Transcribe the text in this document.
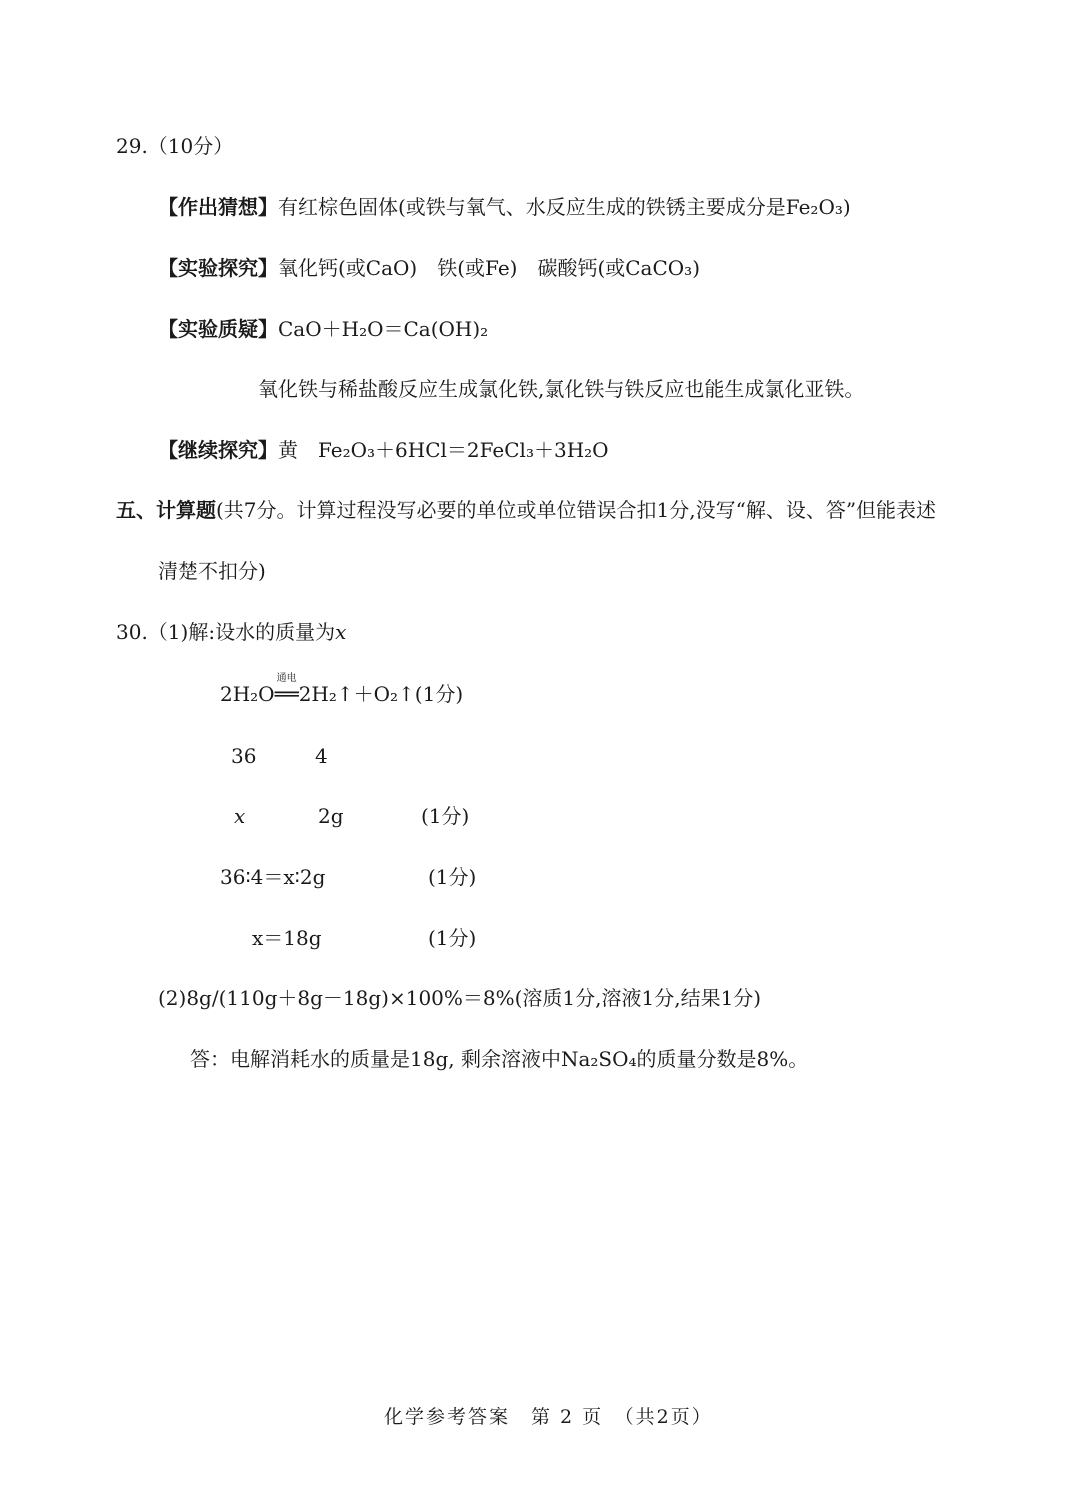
29.（10分）
【作出猜想】有红棕色固体(或铁与氧气、水反应生成的铁锈主要成分是Fe₂O₃)
【实验探究】氧化钙(或CaO)　铁(或Fe)　碳酸钙(或CaCO₃)
【实验质疑】CaO＋H₂O＝Ca(OH)₂
氧化铁与稀盐酸反应生成氯化铁,氯化铁与铁反应也能生成氯化亚铁。
【继续探究】黄　Fe₂O₃＋6HCl＝2FeCl₃＋3H₂O
五、计算题(共7分。计算过程没写必要的单位或单位错误合扣1分,没写“解、设、答”但能表述
清楚不扣分)
30.（1)解:设水的质量为x
2H₂O
通电
══2H₂↑＋O₂↑(1分)
36	4
x	2g	(1分)
36∶4＝x∶2g	(1分)
x＝18g	(1分)
(2)8g/(110g＋8g－18g)×100%＝8%(溶质1分,溶液1分,结果1分)
答：电解消耗水的质量是18g, 剩余溶液中Na₂SO₄的质量分数是8%。
化学参考答案　第 2 页　（共2页）
